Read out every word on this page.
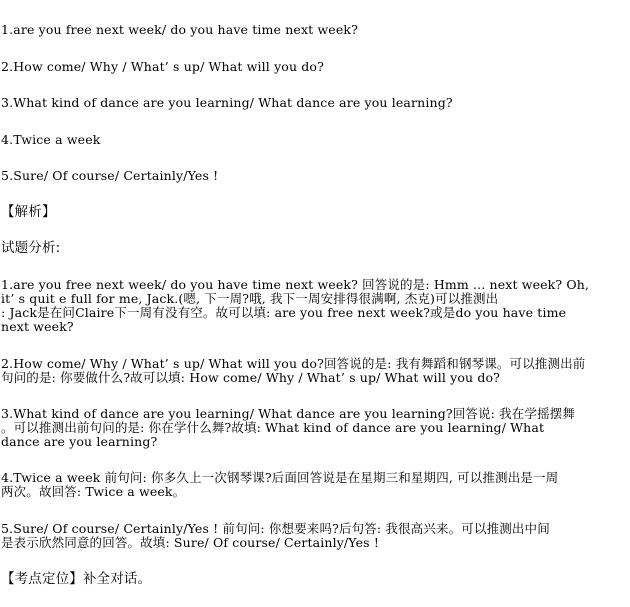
1.are you free next week/ do you have time next week?
2.How come/ Why / What’ s up/ What will you do?
3.What kind of dance are you learning/ What dance are you learning?
4.Twice a week
5.Sure/ Of course/ Certainly/Yes !
【解析】
试题分析:
1.are you free next week/ do you have time next week? 回答说的是: Hmm ... next week? Oh,
it’ s quit e full for me, Jack.(嗯, 下一周?哦, 我下一周安排得很满啊, 杰克)可以推测出
: Jack是在问Claire下一周有没有空。故可以填: are you free next week?或是do you have time
next week?
2.How come/ Why / What’ s up/ What will you do?回答说的是: 我有舞蹈和钢琴课。可以推测出前
句问的是: 你要做什么?故可以填: How come/ Why / What’ s up/ What will you do?
3.What kind of dance are you learning/ What dance are you learning?回答说: 我在学摇摆舞
。可以推测出前句问的是: 你在学什么舞?故填: What kind of dance are you learning/ What
dance are you learning?
4.Twice a week 前句问: 你多久上一次钢琴课?后面回答说是在星期三和星期四, 可以推测出是一周
两次。故回答: Twice a week。
5.Sure/ Of course/ Certainly/Yes ! 前句问: 你想要来吗?后句答: 我很高兴来。可以推测出中间
是表示欣然同意的回答。故填: Sure/ Of course/ Certainly/Yes !
【考点定位】补全对话。
